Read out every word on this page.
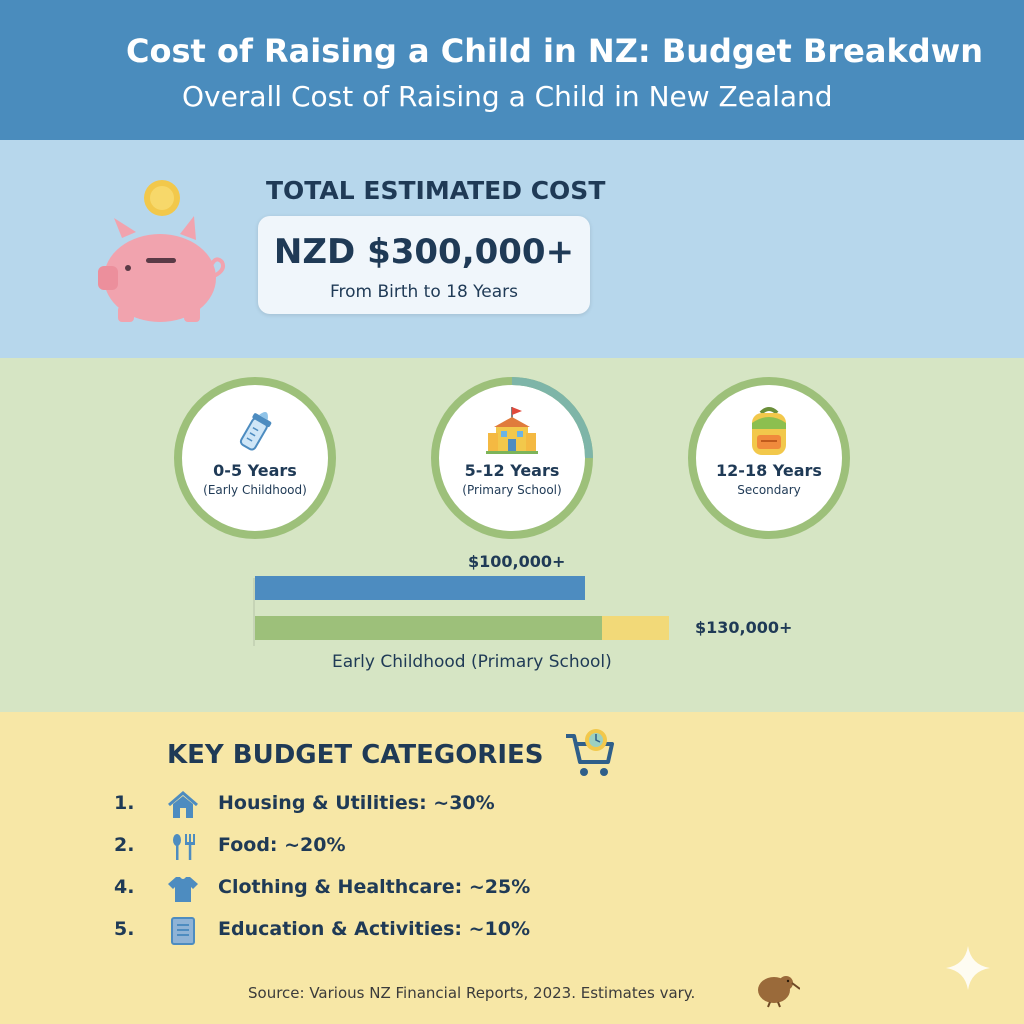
Cost of Raising a Child in NZ: Budget Breakdwn
Overall Cost of Raising a Child in New Zealand
TOTAL ESTIMATED COST
NZD $300,000+
From Birth to 18 Years
0-5 Years
(Early Childhood)
5-12 Years
(Primary School)
12-18 Years
Secondary
$100,000+
$130,000+
Early Childhood (Primary School)
KEY BUDGET CATEGORIES
1.	Housing & Utilities: ~30%
2.	Food: ~20%
4.	Clothing & Healthcare: ~25%
5.	Education & Activities: ~10%
Source: Various NZ Financial Reports, 2023. Estimates vary.
